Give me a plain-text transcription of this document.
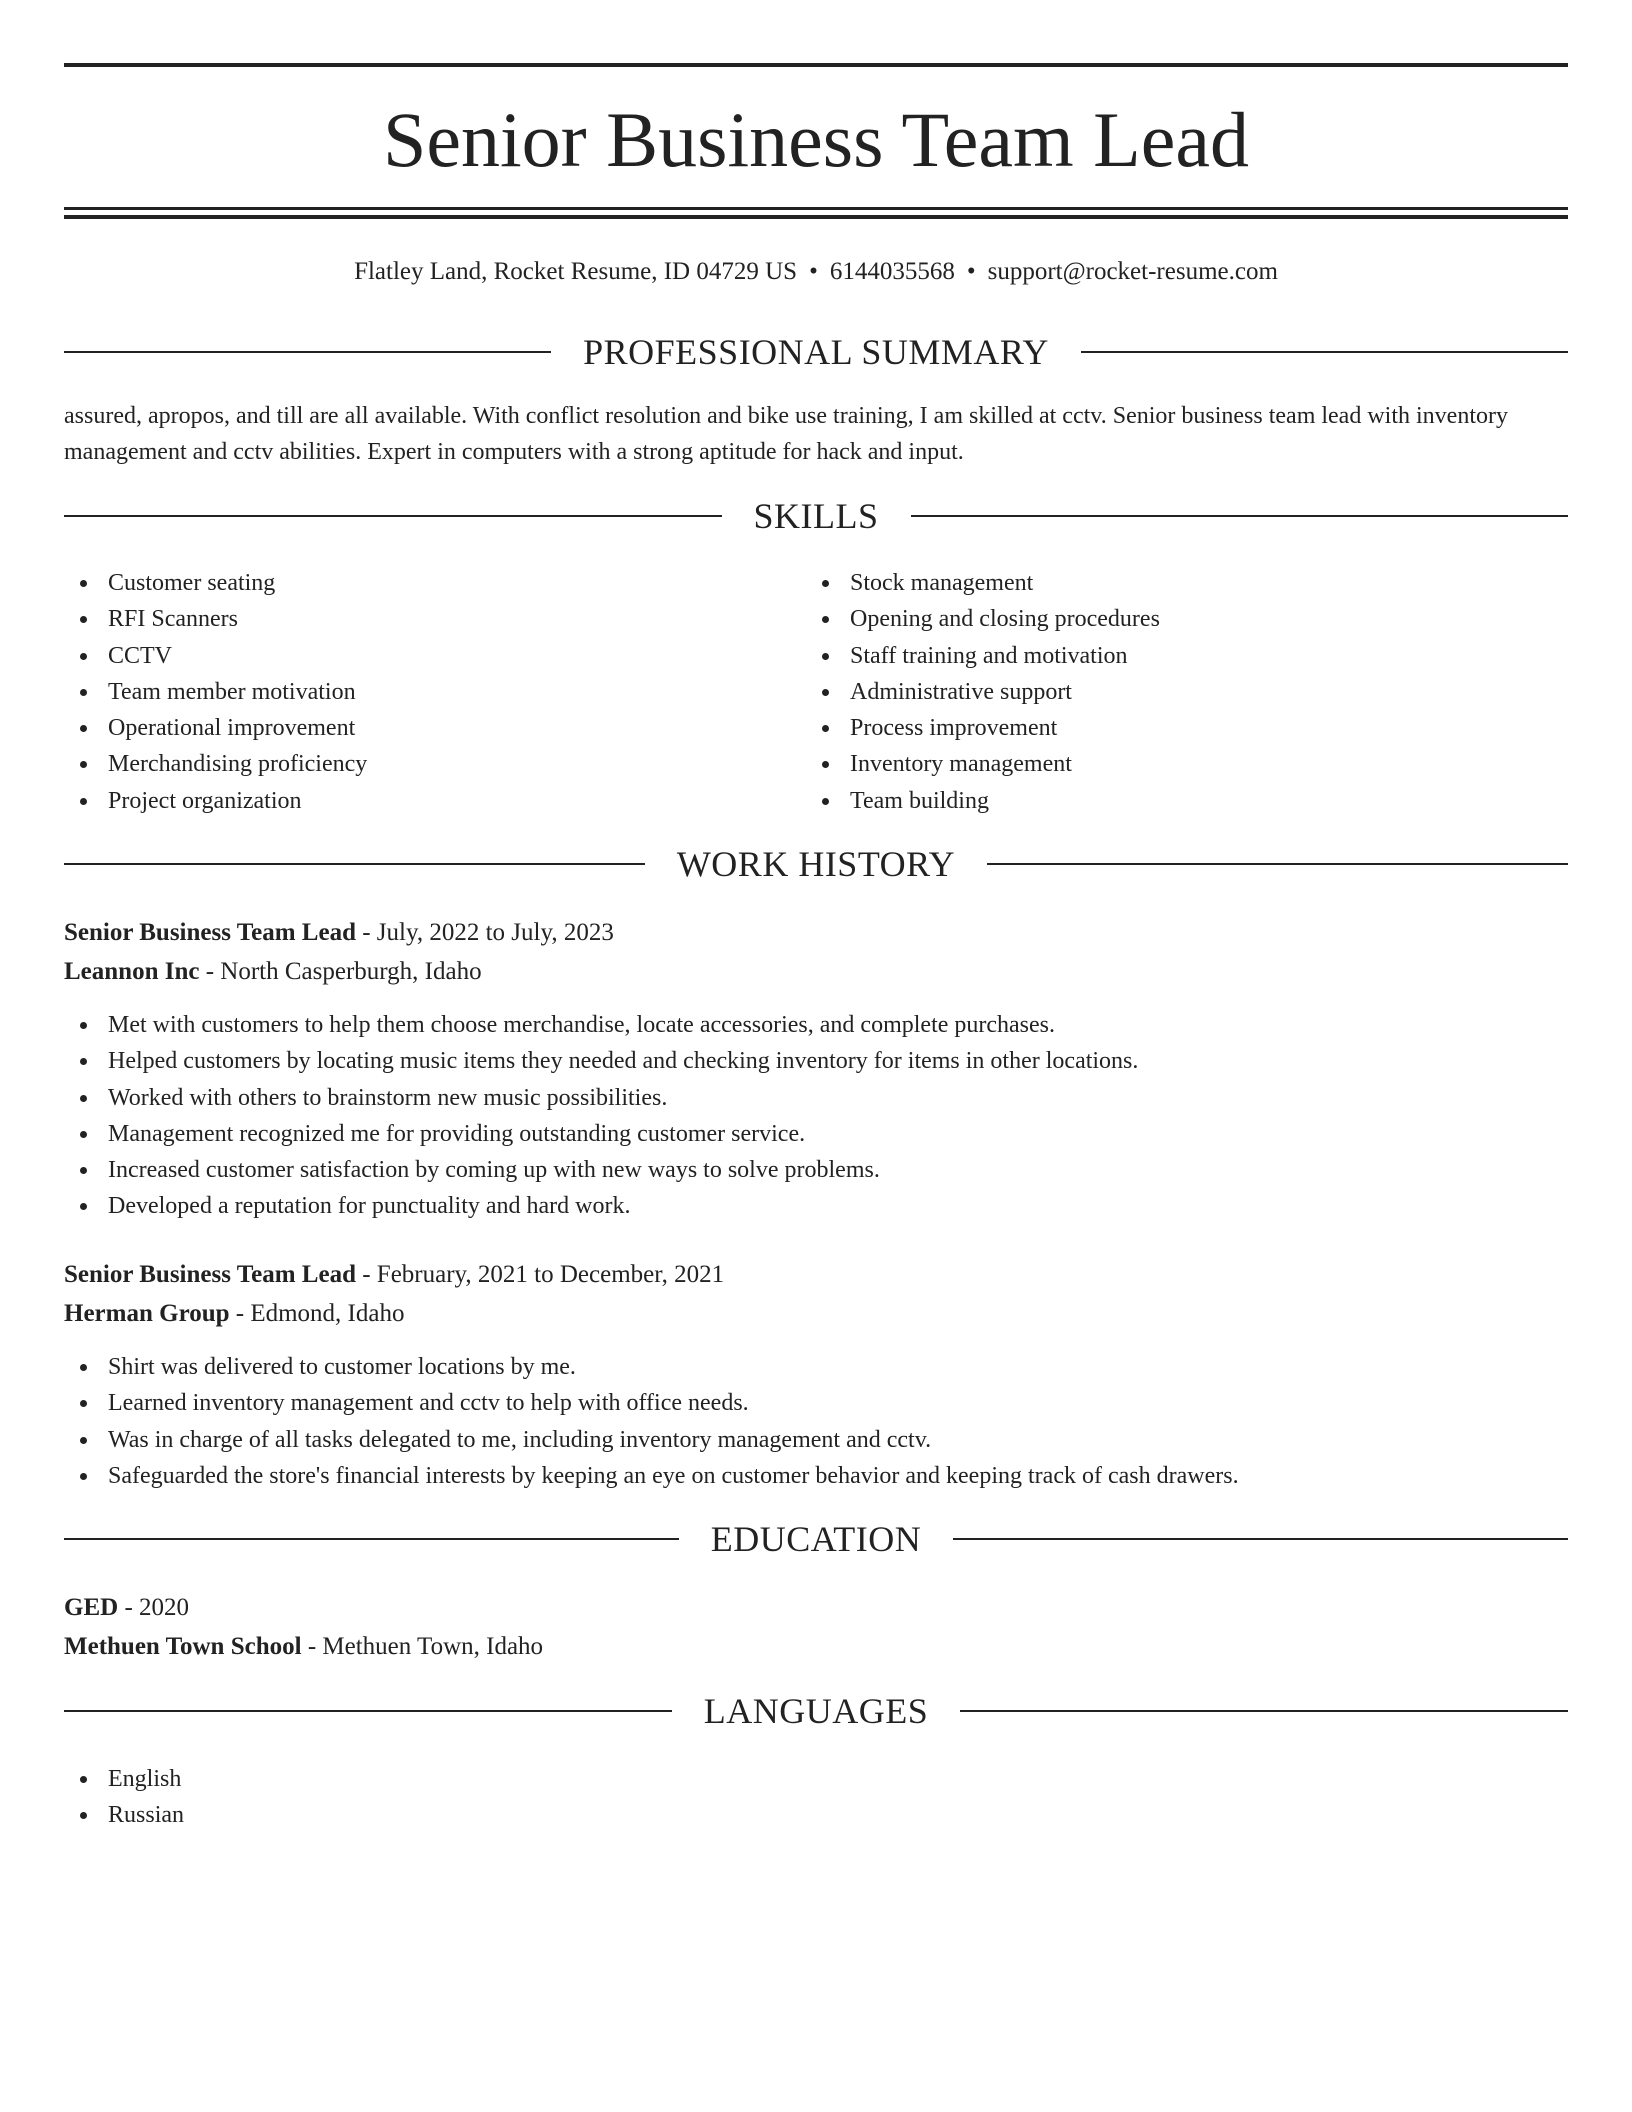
Senior Business Team Lead
Flatley Land, Rocket Resume, ID 04729 US • 6144035568 • support@rocket-resume.com
PROFESSIONAL SUMMARY

assured, apropos, and till are all available. With conflict resolution and bike use training, I am skilled at cctv. Senior business team lead with inventory management and cctv abilities. Expert in computers with a strong aptitude for hack and input.

SKILLS
Customer seating
RFI Scanners
CCTV
Team member motivation
Operational improvement
Merchandising proficiency
Project organization
Stock management
Opening and closing procedures
Staff training and motivation
Administrative support
Process improvement
Inventory management
Team building
WORK HISTORY
Senior Business Team Lead - July, 2022 to July, 2023
Leannon Inc - North Casperburgh, Idaho
Met with customers to help them choose merchandise, locate accessories, and complete purchases.
Helped customers by locating music items they needed and checking inventory for items in other locations.
Worked with others to brainstorm new music possibilities.
Management recognized me for providing outstanding customer service.
Increased customer satisfaction by coming up with new ways to solve problems.
Developed a reputation for punctuality and hard work.
Senior Business Team Lead - February, 2021 to December, 2021
Herman Group - Edmond, Idaho
Shirt was delivered to customer locations by me.
Learned inventory management and cctv to help with office needs.
Was in charge of all tasks delegated to me, including inventory management and cctv.
Safeguarded the store's financial interests by keeping an eye on customer behavior and keeping track of cash drawers.
EDUCATION
GED - 2020
Methuen Town School - Methuen Town, Idaho
LANGUAGES
English
Russian
